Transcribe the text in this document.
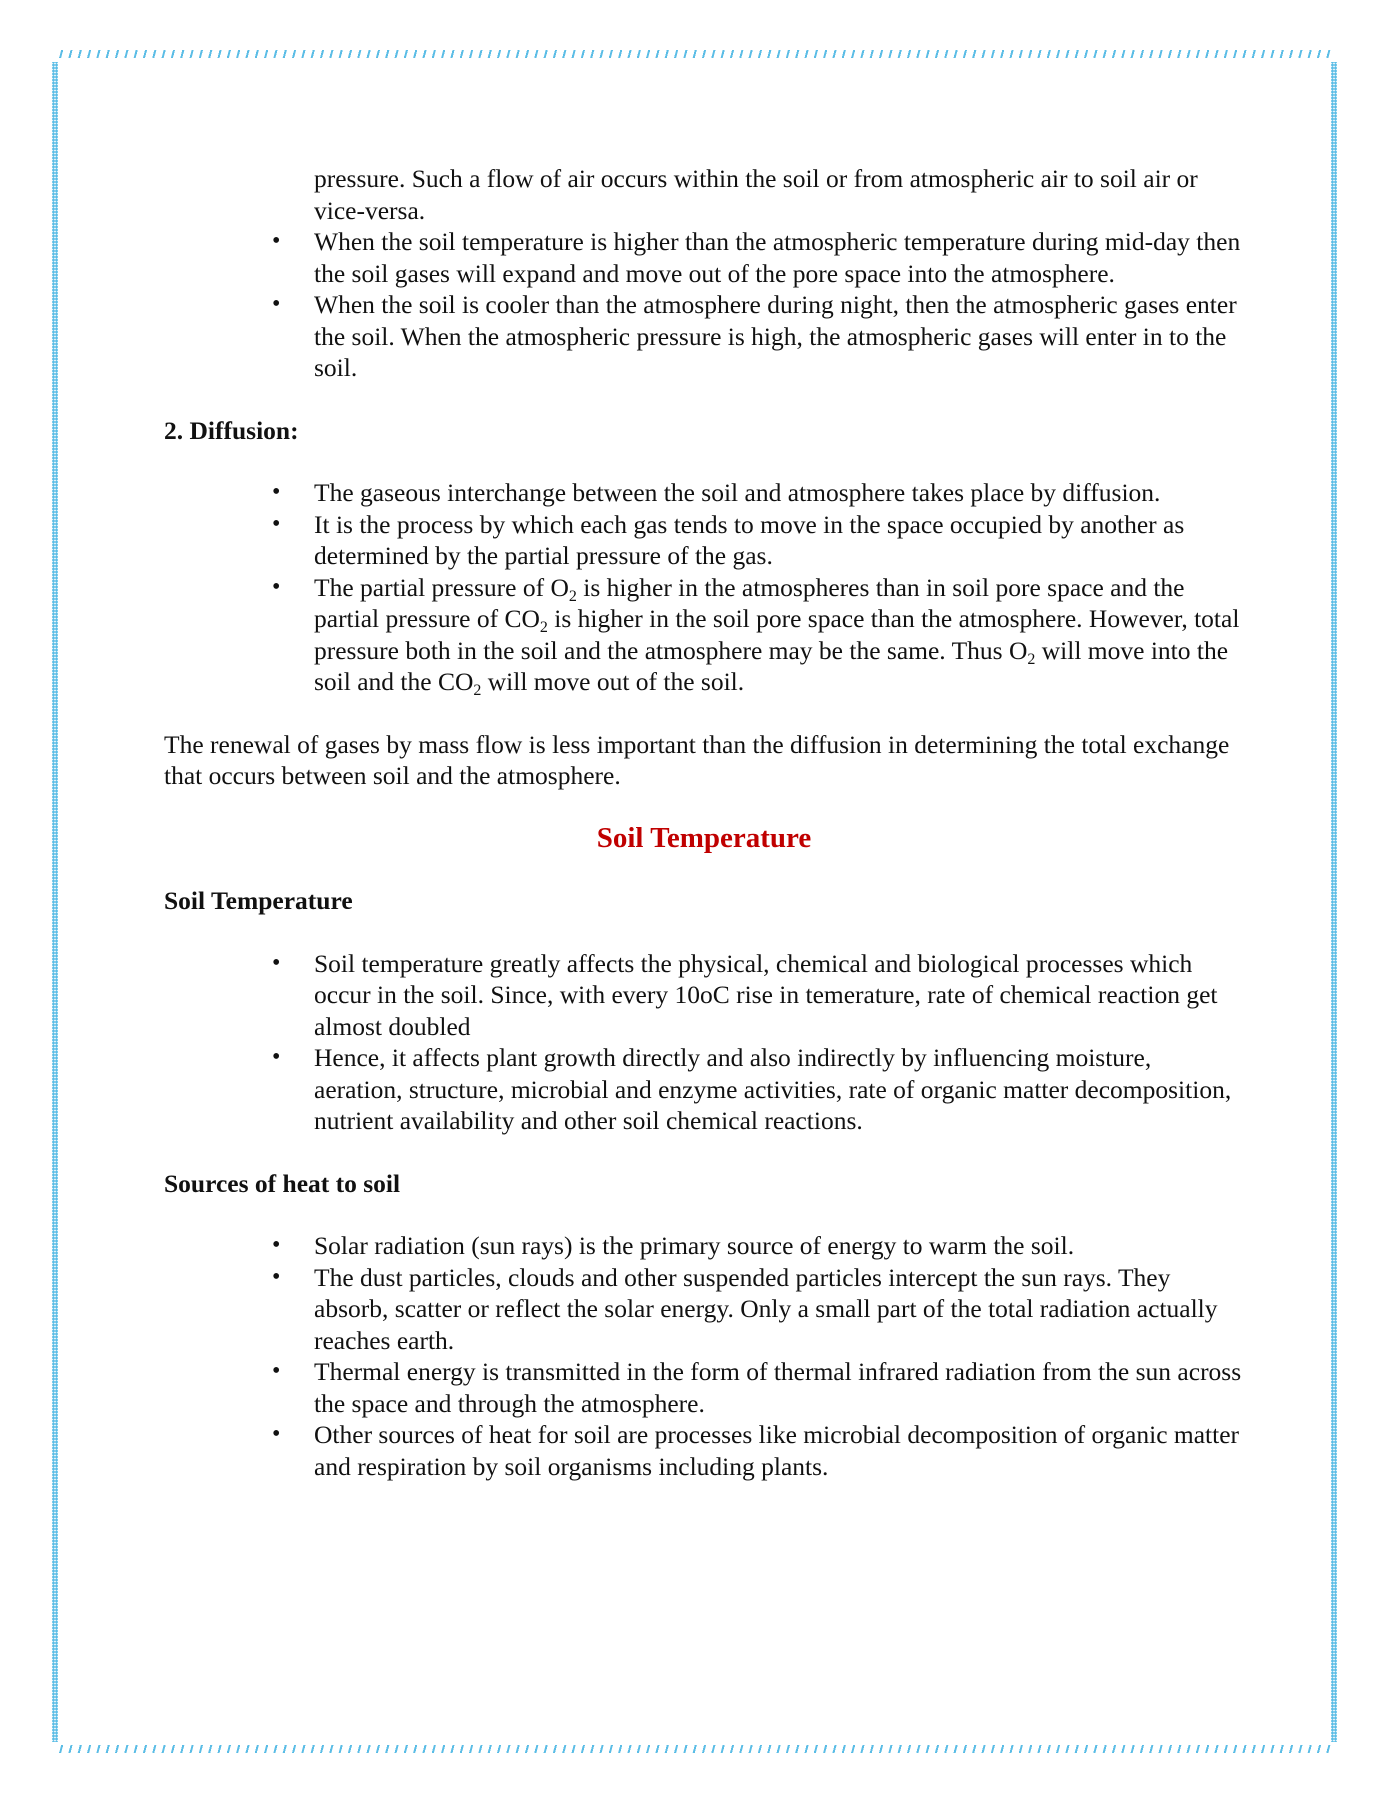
pressure. Such a flow of air occurs within the soil or from atmospheric air to soil air or vice-versa.
• When the soil temperature is higher than the atmospheric temperature during mid-day then the soil gases will expand and move out of the pore space into the atmosphere.
• When the soil is cooler than the atmosphere during night, then the atmospheric gases enter the soil. When the atmospheric pressure is high, the atmospheric gases will enter in to the soil.

2. Diffusion:

• The gaseous interchange between the soil and atmosphere takes place by diffusion.
• It is the process by which each gas tends to move in the space occupied by another as determined by the partial pressure of the gas.
• The partial pressure of $O_2$ is higher in the atmospheres than in soil pore space and the partial pressure of $CO_2$ is higher in the soil pore space than the atmosphere. However, total pressure both in the soil and the atmosphere may be the same. Thus $O_2$ will move into the soil and the $CO_2$ will move out of the soil.

The renewal of gases by mass flow is less important than the diffusion in determining the total exchange that occurs between soil and the atmosphere.

Soil Temperature

Soil Temperature

• Soil temperature greatly affects the physical, chemical and biological processes which occur in the soil. Since, with every 10oC rise in temerature, rate of chemical reaction get almost doubled
• Hence, it affects plant growth directly and also indirectly by influencing moisture, aeration, structure, microbial and enzyme activities, rate of organic matter decomposition, nutrient availability and other soil chemical reactions.

Sources of heat to soil

• Solar radiation (sun rays) is the primary source of energy to warm the soil.
• The dust particles, clouds and other suspended particles intercept the sun rays. They absorb, scatter or reflect the solar energy. Only a small part of the total radiation actually reaches earth.
• Thermal energy is transmitted in the form of thermal infrared radiation from the sun across the space and through the atmosphere.
• Other sources of heat for soil are processes like microbial decomposition of organic matter and respiration by soil organisms including plants.
